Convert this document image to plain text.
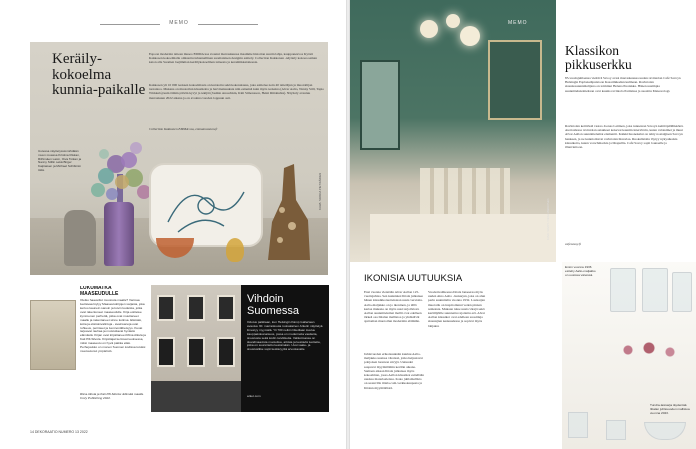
MEMO
Keräily-kokoelma kunnia-paikalle

Espoon modernin taiteen museo EMMA:ssa avautui marraskuussa maamme historian suurin lahja, kauppaneuvos Kyösti Kakkosen kokoelmalle omistettu tuhannellinen suomalaisen designin esittely. Collection Kakkonen -näyttely kokoaa saman katon alle Suomen laajimman keräilykokoelman taiteesta ja keramiikkataiteesta.

Kakkosen yli 10 000 teoksen kokoelmasta on kuratoitu sekä kokonaisuus, joka esittelee noin 40 taiteilijan ja muotoilijan tuotantoa. Mukana on muotoilun klassikoita ja harvinaisuuksia niin esineinä kuin myös teoksina (Alvar Aalto, Nanny Still, Tapio Wirkkala) kuin tämän päivän kyvyt ja tekijät (Jasmin Anoschkin, Kim Simonsson, Heini Riitahuhta). Näyttely avautuu marraskuun 2022 aikana ja on avoinna vuoden loppuun asti.

Collection Kakkonen EMMA:ssa, emmamuseum.fi

Uutessa näyttelyssä nähdään muun muassa Kristina Riskan, Riihimäen Lasin, Oiva Toikan ja Nanny Stillin sekä Birger Kaipiaisen ja Michael Schilkinin töitä.
KUVA: SIRKKA PIETIKÄINEN
LUKUMATKA MAASEUDULLE

Oletko haaveillut muutosta maalle? Varmaa luettavaa löytyy Maaseutukirjojen sarjasta, joka kertoo kaunein sanoin ja kuvin kodeista, jotka ovat rakentuneet maaseudulle. Kirja esittelee kymmenen perhettä, jotka ovat muuttaneet maalle ja rakentaneet sinne kotinsa. Elämää, kotia ja elämänvalintoja - avainsanoja ovat rohkeus, perinteet ja luonnonläheisyys. Kuvat tarjoavat rauhaa ja muistuttavat hyvästä elämästä. Kirjan ovat kirjoittaneet Riina Alkula ja Kati Pill-Silvola. Kirjoittajat kertovat teoksessa, miksi maaseutu on hyvä paikka elää. Perhejoukko on monen Suomen kodissa tutuksi muotoutunut ympäristö.

Riina Alkula ja Kati Pill-Silvola: Elämää maalla. Cozy Publishing 2022.

Vihdoin Suomessa

Odotus palkitaan, kun Helsingin Kämp Galleriaan avautuu 30. marraskuuta ruotsalainen Arketin näyttelyä ilmestyy myymälä. Yli 700 neliön liiketilaan kuuluu kauppakokonaisuus, jossa on moderneita vaatteita, sisustusta sekä kodin tarvikkeita. Valikoimassa on skandinaavista muotoilua, arkisia ja kestäviä tuotteita, jotka on suunniteltu kestämään. Uusi vaate- ja sisustusliike sopii kestävyyttä arvostavalle.

arket.com

14 DEKORAATIO NUMERO 13 2022
MEMO
Klassikon pikkuserkku

85-vuotisjuhlaansa viettävä Savoy avasi marraskuussa uuden ravintolan Café Savoyn Helsingin Esplanadipuistoon Kasarmikadun kulmaan. Ravintolan sisustussuunnittelijana on toiminut Helena Puolakka. Hänen uusimpia suunnittelukohteitaan ovat kaunis ravintola Pariisissa ja suosittu Meteorologi.

Ravintolan keittiöstä vastaa Joonas Laitinen, joka tunnetaan Savoyn keittiöpäällikkönä. Aterioidessa ravintolan asiakkaat kokevat kauniin interiöörin, kuten valaisimet ja muut Alvar Aallon suunnittelemat elementit. Kaikki huonekalut on tehty nostalgisen Savoyn henkeen, ja ne kunnioittavat ravintolan historiaa. Ruokalistalta löytyy nykyaikaisia klassikoita, kuten vorschmackia ja lihapullia. Café Savoy sopii lounaalle ja illanviettoon.

cafesavoy.fi

KUVA: SAVOY / VESA MAKKONEN
IKONISIA UUTUUKSIA

Ensi vuonna vietetään Alvar Aallon 125-vuotisjuhlaa. Sen kunniaksi Iittala julkaisee hänen klassikkotuotteistaan uusia versioita. Aalto-maljakko on jo ikoninen, ja tällä kertaa mukana on myös uusi tarjoiluvati. Aallon suunnittelemat mallit ovat edelleen tärkeä osa Iittalan mallistoa ja yhdistävät ajattoman muotoilun moderniin elämään.

Juhlavuoden erikoisuuksiin kuuluu Aalto-maljakko uusissa väreissä, jotka heijastavat pohjoisen luonnon sävyjä. Uutuudet saapuvat myymälöihin kevään aikana. Samaan aikaan Iittala julkaisee myös kokoelman, jossa Aallon klassikot esitellään uusissa materiaaleissa. Koko juhlamallisto on saatavilla iittala.com-verkkokaupasta ja Iittalan myymälöistä.

Vuodenvaihteessa Iittala lanseeraa myös uuden Aino Aalto -lasisarjan, joka on alun perin suunniteltu vuonna 1932. Lasisarjan muotoilu on inspiroitunut veden pinnan renkaista. Mukaan tulee uusia värejä sekä keräilijöille suunnattu rajoitettu erä. Alvar Aallon klassikot ovat edelleen suosittuja sisustajien keskuudessa ja sopivat myös lahjaksi.

Ensin vuonna 1936 esitelty Aalto-maljakko on uusissa väreissä.
Tundra-lasisarja täydentää Iittalan juhlavuoden mallistoa vuonna 2023.
